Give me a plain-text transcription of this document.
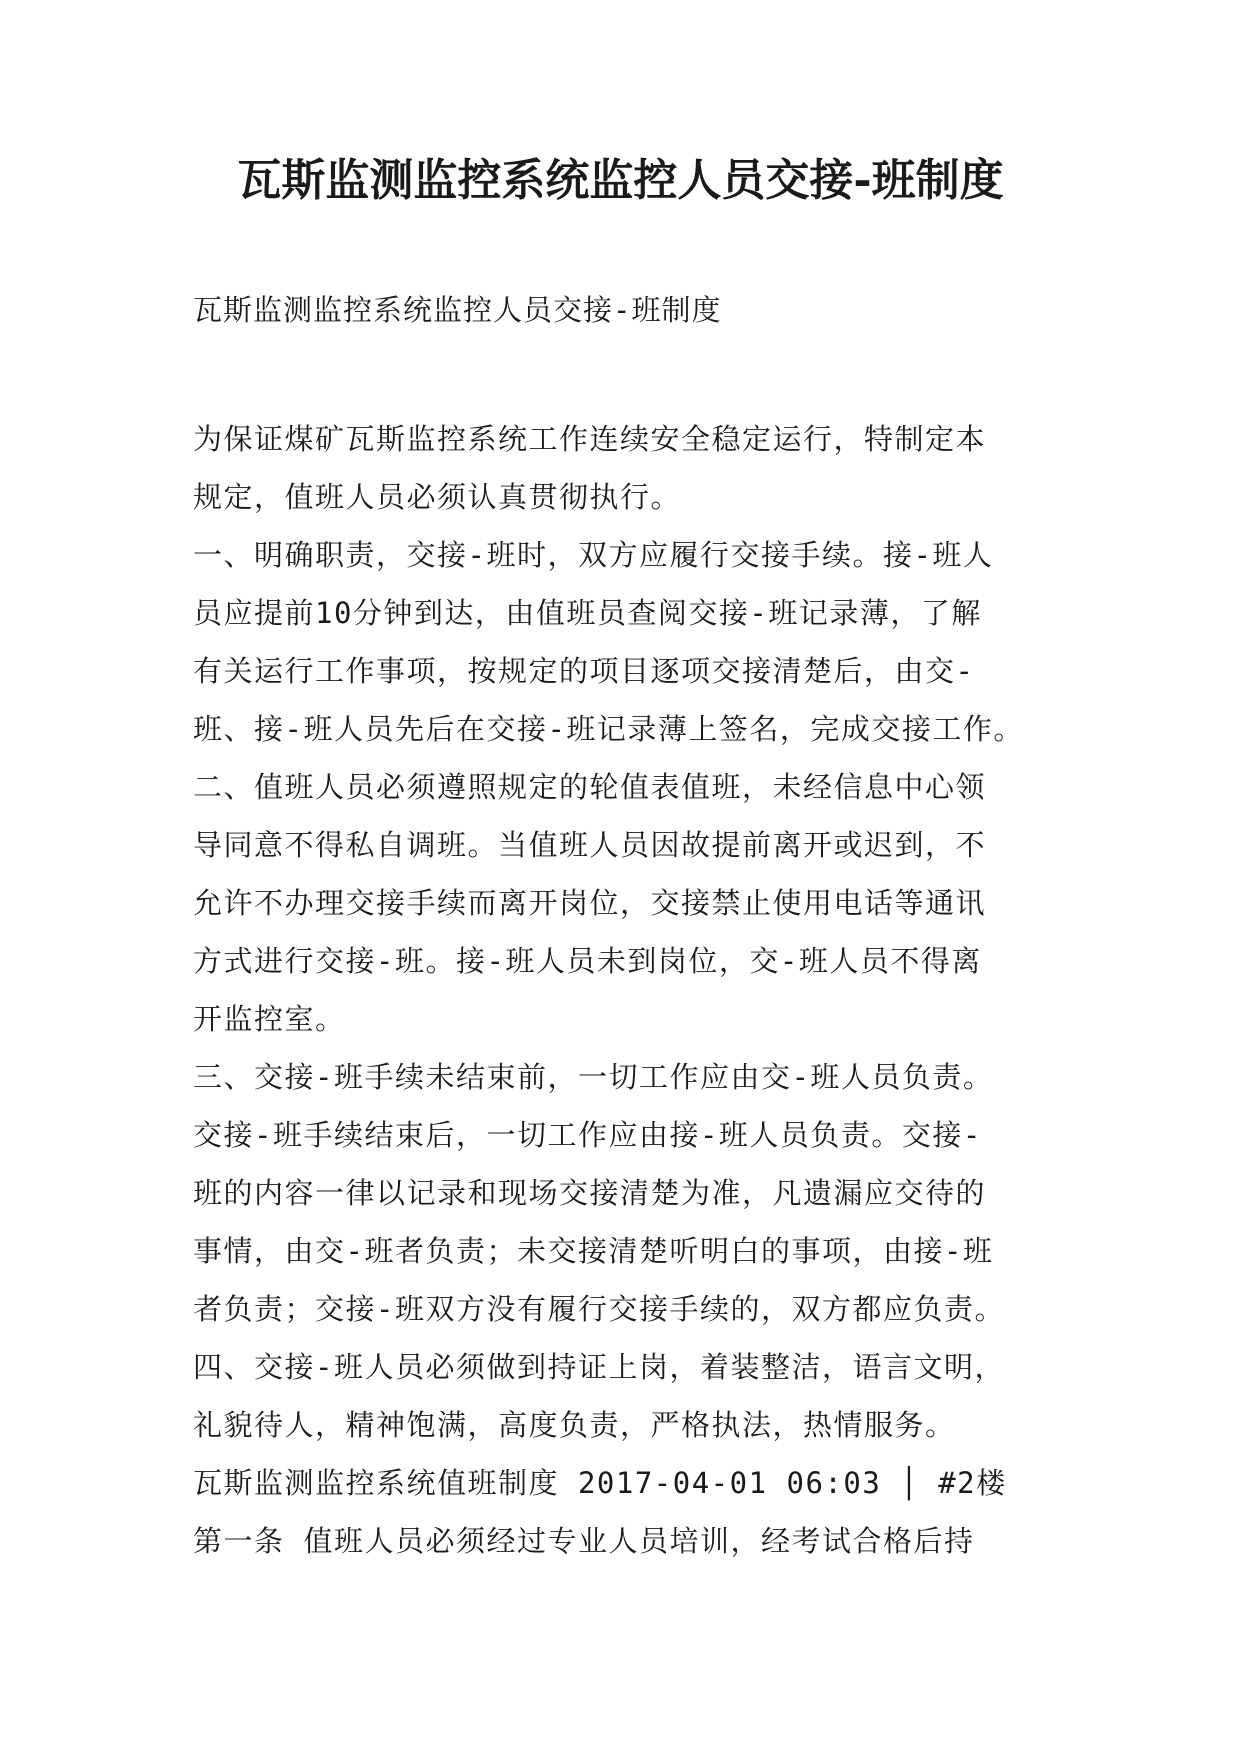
瓦斯监测监控系统监控人员交接-班制度

瓦斯监测监控系统监控人员交接-班制度

为保证煤矿瓦斯监控系统工作连续安全稳定运行，特制定本

规定，值班人员必须认真贯彻执行。

一、明确职责，交接-班时，双方应履行交接手续。接-班人

员应提前10分钟到达，由值班员查阅交接-班记录薄，了解

有关运行工作事项，按规定的项目逐项交接清楚后，由交-

班、接-班人员先后在交接-班记录薄上签名，完成交接工作。

二、值班人员必须遵照规定的轮值表值班，未经信息中心领

导同意不得私自调班。当值班人员因故提前离开或迟到，不

允许不办理交接手续而离开岗位，交接禁止使用电话等通讯

方式进行交接-班。接-班人员未到岗位，交-班人员不得离

开监控室。

三、交接-班手续未结束前，一切工作应由交-班人员负责。

交接-班手续结束后，一切工作应由接-班人员负责。交接-

班的内容一律以记录和现场交接清楚为准，凡遗漏应交待的

事情，由交-班者负责；未交接清楚听明白的事项，由接-班

者负责；交接-班双方没有履行交接手续的，双方都应负责。

四、交接-班人员必须做到持证上岗，着装整洁，语言文明，

礼貌待人，精神饱满，高度负责，严格执法，热情服务。

瓦斯监测监控系统值班制度 2017-04-01 06:03 │ #2楼

第一条 值班人员必须经过专业人员培训，经考试合格后持
